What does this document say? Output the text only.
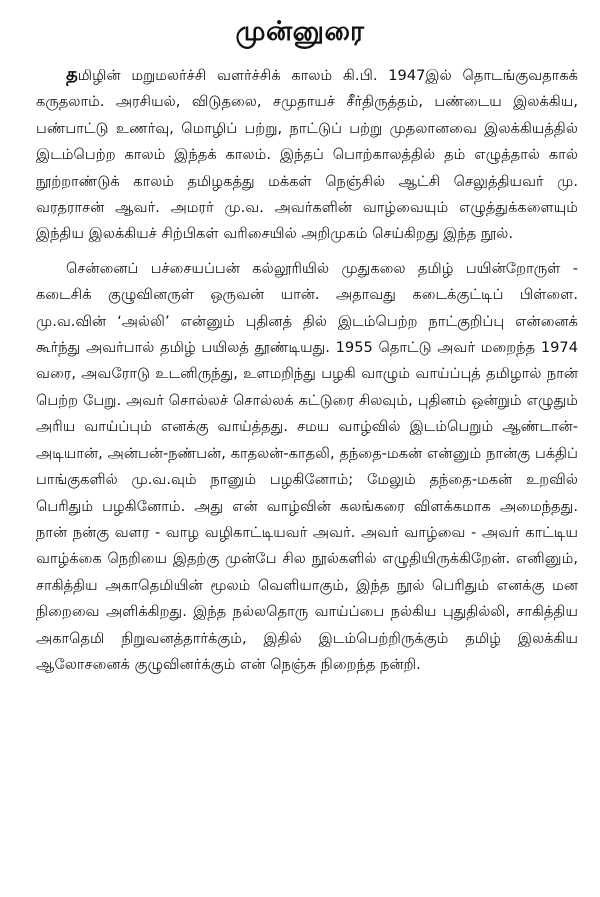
முன்னுரை

தமிழின் மறுமலர்ச்சி வளர்ச்சிக் காலம் கி.பி. 1947இல் தொடங்குவதாகக் கருதலாம். அரசியல், விடுதலை, சமுதாயச் சீர்திருத்தம், பண்டைய இலக்கிய, பண்பாட்டு உணர்வு, மொழிப் பற்று, நாட்டுப் பற்று முதலானவை இலக்கியத்தில் இடம்பெற்ற காலம் இந்தக் காலம். இந்தப் பொற்காலத்தில் தம் எழுத்தால் கால் நூற்றாண்டுக் காலம் தமிழகத்து மக்கள் நெஞ்சில் ஆட்சி செலுத்தியவர் மு. வரதராசன் ஆவர். அமரர் மு.வ. அவர்களின் வாழ்வையும் எழுத்துக்களையும் இந்திய இலக்கியச் சிற்பிகள் வரிசையில் அறிமுகம் செய்கிறது இந்த நூல்.

சென்னைப் பச்சையப்பன் கல்லூரியில் முதுகலை தமிழ் பயின்றோருள் - கடைசிக் குழுவினருள் ஒருவன் யான். அதாவது கடைக்குட்டிப் பிள்ளை. மு.வ.வின் ‘அல்லி’ என்னும் புதினத் தில் இடம்பெற்ற நாட்குறிப்பு என்னைக் கூர்ந்து அவர்பால் தமிழ் பயிலத் தூண்டியது. 1955 தொட்டு அவர் மறைந்த 1974 வரை, அவரோடு உடனிருந்து, உளமறிந்து பழகி வாழும் வாய்ப்புத் தமிழால் நான் பெற்ற பேறு. அவர் சொல்லச் சொல்லக் கட்டுரை சிலவும், புதினம் ஒன்றும் எழுதும் அரிய வாய்ப்பும் எனக்கு வாய்த்தது. சமய வாழ்வில் இடம்பெறும் ஆண்டான்-அடியான், அன்பன்-நண்பன், காதலன்-காதலி, தந்தை-மகன் என்னும் நான்கு பக்திப் பாங்குகளில் மு.வ.வும் நானும் பழகினோம்; மேலும் தந்தை-மகன் உறவில் பெரிதும் பழகினோம். அது என் வாழ்வின் கலங்கரை விளக்கமாக அமைந்தது. நான் நன்கு வளர - வாழ வழிகாட்டியவர் அவர். அவர் வாழ்வை - அவர் காட்டிய வாழ்க்கை நெறியை இதற்கு முன்பே சில நூல்களில் எழுதியிருக்கிறேன். எனினும், சாகித்திய அகாதெமியின் மூலம் வெளியாகும், இந்த நூல் பெரிதும் எனக்கு மன நிறைவை அளிக்கிறது. இந்த நல்லதொரு வாய்ப்பை நல்கிய புதுதில்லி, சாகித்திய அகாதெமி நிறுவனத்தார்க்கும், இதில் இடம்பெற்றிருக்கும் தமிழ் இலக்கிய ஆலோசனைக் குழுவினர்க்கும் என் நெஞ்சு நிறைந்த நன்றி.
